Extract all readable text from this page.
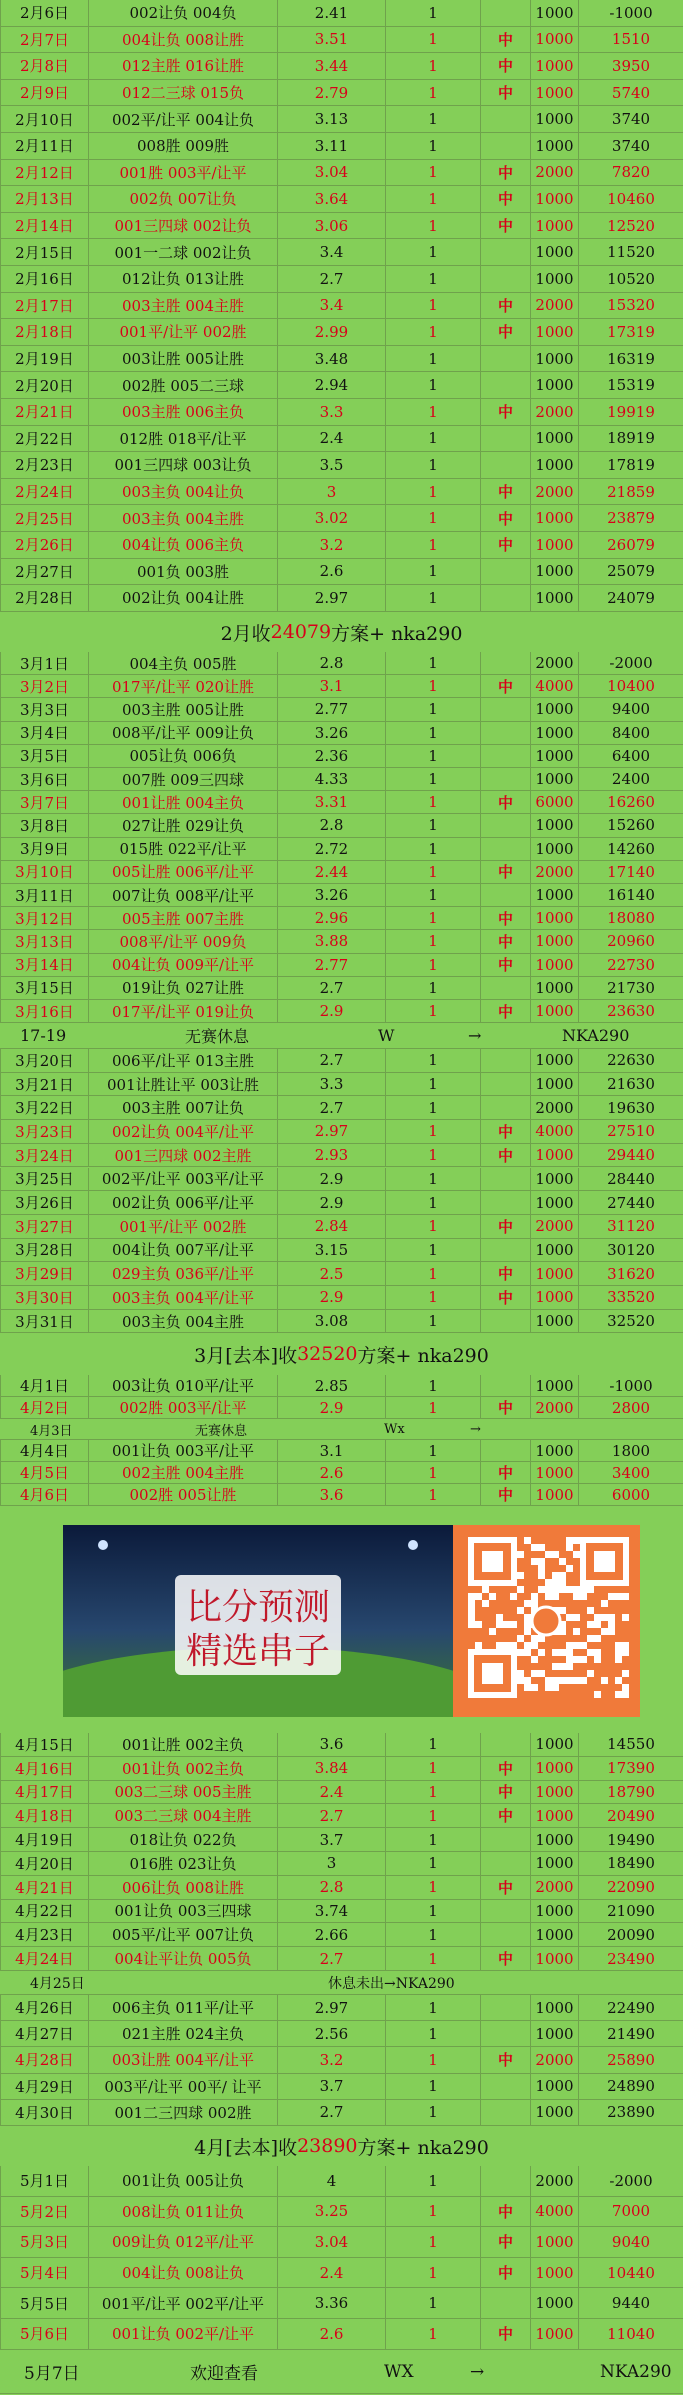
2月6日	002让负 004负	2.41	1	1000	-1000
2月7日	004让负 008让胜	3.51	1	中	1000	1510
2月8日	012主胜 016让胜	3.44	1	中	1000	3950
2月9日	012二三球 015负	2.79	1	中	1000	5740
2月10日	002平/让平 004让负	3.13	1	1000	3740
2月11日	008胜 009胜	3.11	1	1000	3740
2月12日	001胜 003平/让平	3.04	1	中	2000	7820
2月13日	002负 007让负	3.64	1	中	1000	10460
2月14日	001三四球 002让负	3.06	1	中	1000	12520
2月15日	001一二球 002让负	3.4	1	1000	11520
2月16日	012让负 013让胜	2.7	1	1000	10520
2月17日	003主胜 004主胜	3.4	1	中	2000	15320
2月18日	001平/让平 002胜	2.99	1	中	1000	17319
2月19日	003让胜 005让胜	3.48	1	1000	16319
2月20日	002胜 005二三球	2.94	1	1000	15319
2月21日	003主胜 006主负	3.3	1	中	2000	19919
2月22日	012胜 018平/让平	2.4	1	1000	18919
2月23日	001三四球 003让负	3.5	1	1000	17819
2月24日	003主负 004让负	3	1	中	2000	21859
2月25日	003主负 004主胜	3.02	1	中	1000	23879
2月26日	004让负 006主负	3.2	1	中	1000	26079
2月27日	001负 003胜	2.6	1	1000	25079
2月28日	002让负 004让胜	2.97	1	1000	24079
2月收 24079 方案+ nka290
3月1日	004主负 005胜	2.8	1	2000	-2000
3月2日	017平/让平 020让胜	3.1	1	中	4000	10400
3月3日	003主胜 005让胜	2.77	1	1000	9400
3月4日	008平/让平 009让负	3.26	1	1000	8400
3月5日	005让负 006负	2.36	1	1000	6400
3月6日	007胜 009三四球	4.33	1	1000	2400
3月7日	001让胜 004主负	3.31	1	中	6000	16260
3月8日	027让胜 029让负	2.8	1	1000	15260
3月9日	015胜 022平/让平	2.72	1	1000	14260
3月10日	005让胜 006平/让平	2.44	1	中	2000	17140
3月11日	007让负 008平/让平	3.26	1	1000	16140
3月12日	005主胜 007主胜	2.96	1	中	1000	18080
3月13日	008平/让平 009负	3.88	1	中	1000	20960
3月14日	004让负 009平/让平	2.77	1	中	1000	22730
3月15日	019让负 027让胜	2.7	1	1000	21730
3月16日	017平/让平 019让负	2.9	1	中	1000	23630
17-19	无赛休息	W	→	NKA290
3月20日	006平/让平 013主胜	2.7	1	1000	22630
3月21日	001让胜让平 003让胜	3.3	1	1000	21630
3月22日	003主胜 007让负	2.7	1	2000	19630
3月23日	002让负 004平/让平	2.97	1	中	4000	27510
3月24日	001三四球 002主胜	2.93	1	中	1000	29440
3月25日	002平/让平 003平/让平	2.9	1	1000	28440
3月26日	002让负 006平/让平	2.9	1	1000	27440
3月27日	001平/让平 002胜	2.84	1	中	2000	31120
3月28日	004让负 007平/让平	3.15	1	1000	30120
3月29日	029主负 036平/让平	2.5	1	中	1000	31620
3月30日	003主负 004平/让平	2.9	1	中	1000	33520
3月31日	003主负 004主胜	3.08	1	1000	32520
3月[去本]收 32520 方案+ nka290
4月1日	003让负 010平/让平	2.85	1	1000	-1000
4月2日	002胜 003平/让平	2.9	1	中	2000	2800
4月3日	无赛休息	Wx	→
4月4日	001让负 003平/让平	3.1	1	1000	1800
4月5日	002主胜 004主胜	2.6	1	中	1000	3400
4月6日	002胜 005让胜	3.6	1	中	1000	6000
4月15日	001让胜 002主负	3.6	1	1000	14550
4月16日	001让负 002主负	3.84	1	中	1000	17390
4月17日	003二三球 005主胜	2.4	1	中	1000	18790
4月18日	003二三球 004主胜	2.7	1	中	1000	20490
4月19日	018让负 022负	3.7	1	1000	19490
4月20日	016胜 023让负	3	1	1000	18490
4月21日	006让负 008让胜	2.8	1	中	2000	22090
4月22日	001让负 003三四球	3.74	1	1000	21090
4月23日	005平/让平 007让负	2.66	1	1000	20090
4月24日	004让平让负 005负	2.7	1	中	1000	23490
4月25日	休息未出→NKA290
4月26日	006主负 011平/让平	2.97	1	1000	22490
4月27日	021主胜 024主负	2.56	1	1000	21490
4月28日	003让胜 004平/让平	3.2	1	中	2000	25890
4月29日	003平/让平 00平/ 让平	3.7	1	1000	24890
4月30日	001二三四球 002胜	2.7	1	1000	23890
4月[去本]收 23890 方案+ nka290
5月1日	001让负 005让负	4	1	2000	-2000
5月2日	008让负 011让负	3.25	1	中	4000	7000
5月3日	009让负 012平/让平	3.04	1	中	1000	9040
5月4日	004让负 008让负	2.4	1	中	1000	10440
5月5日	001平/让平 002平/让平	3.36	1	1000	9440
5月6日	001让负 002平/让平	2.6	1	中	1000	11040
5月7日	欢迎查看	WX	→	NKA290
比分预测
精选串子
